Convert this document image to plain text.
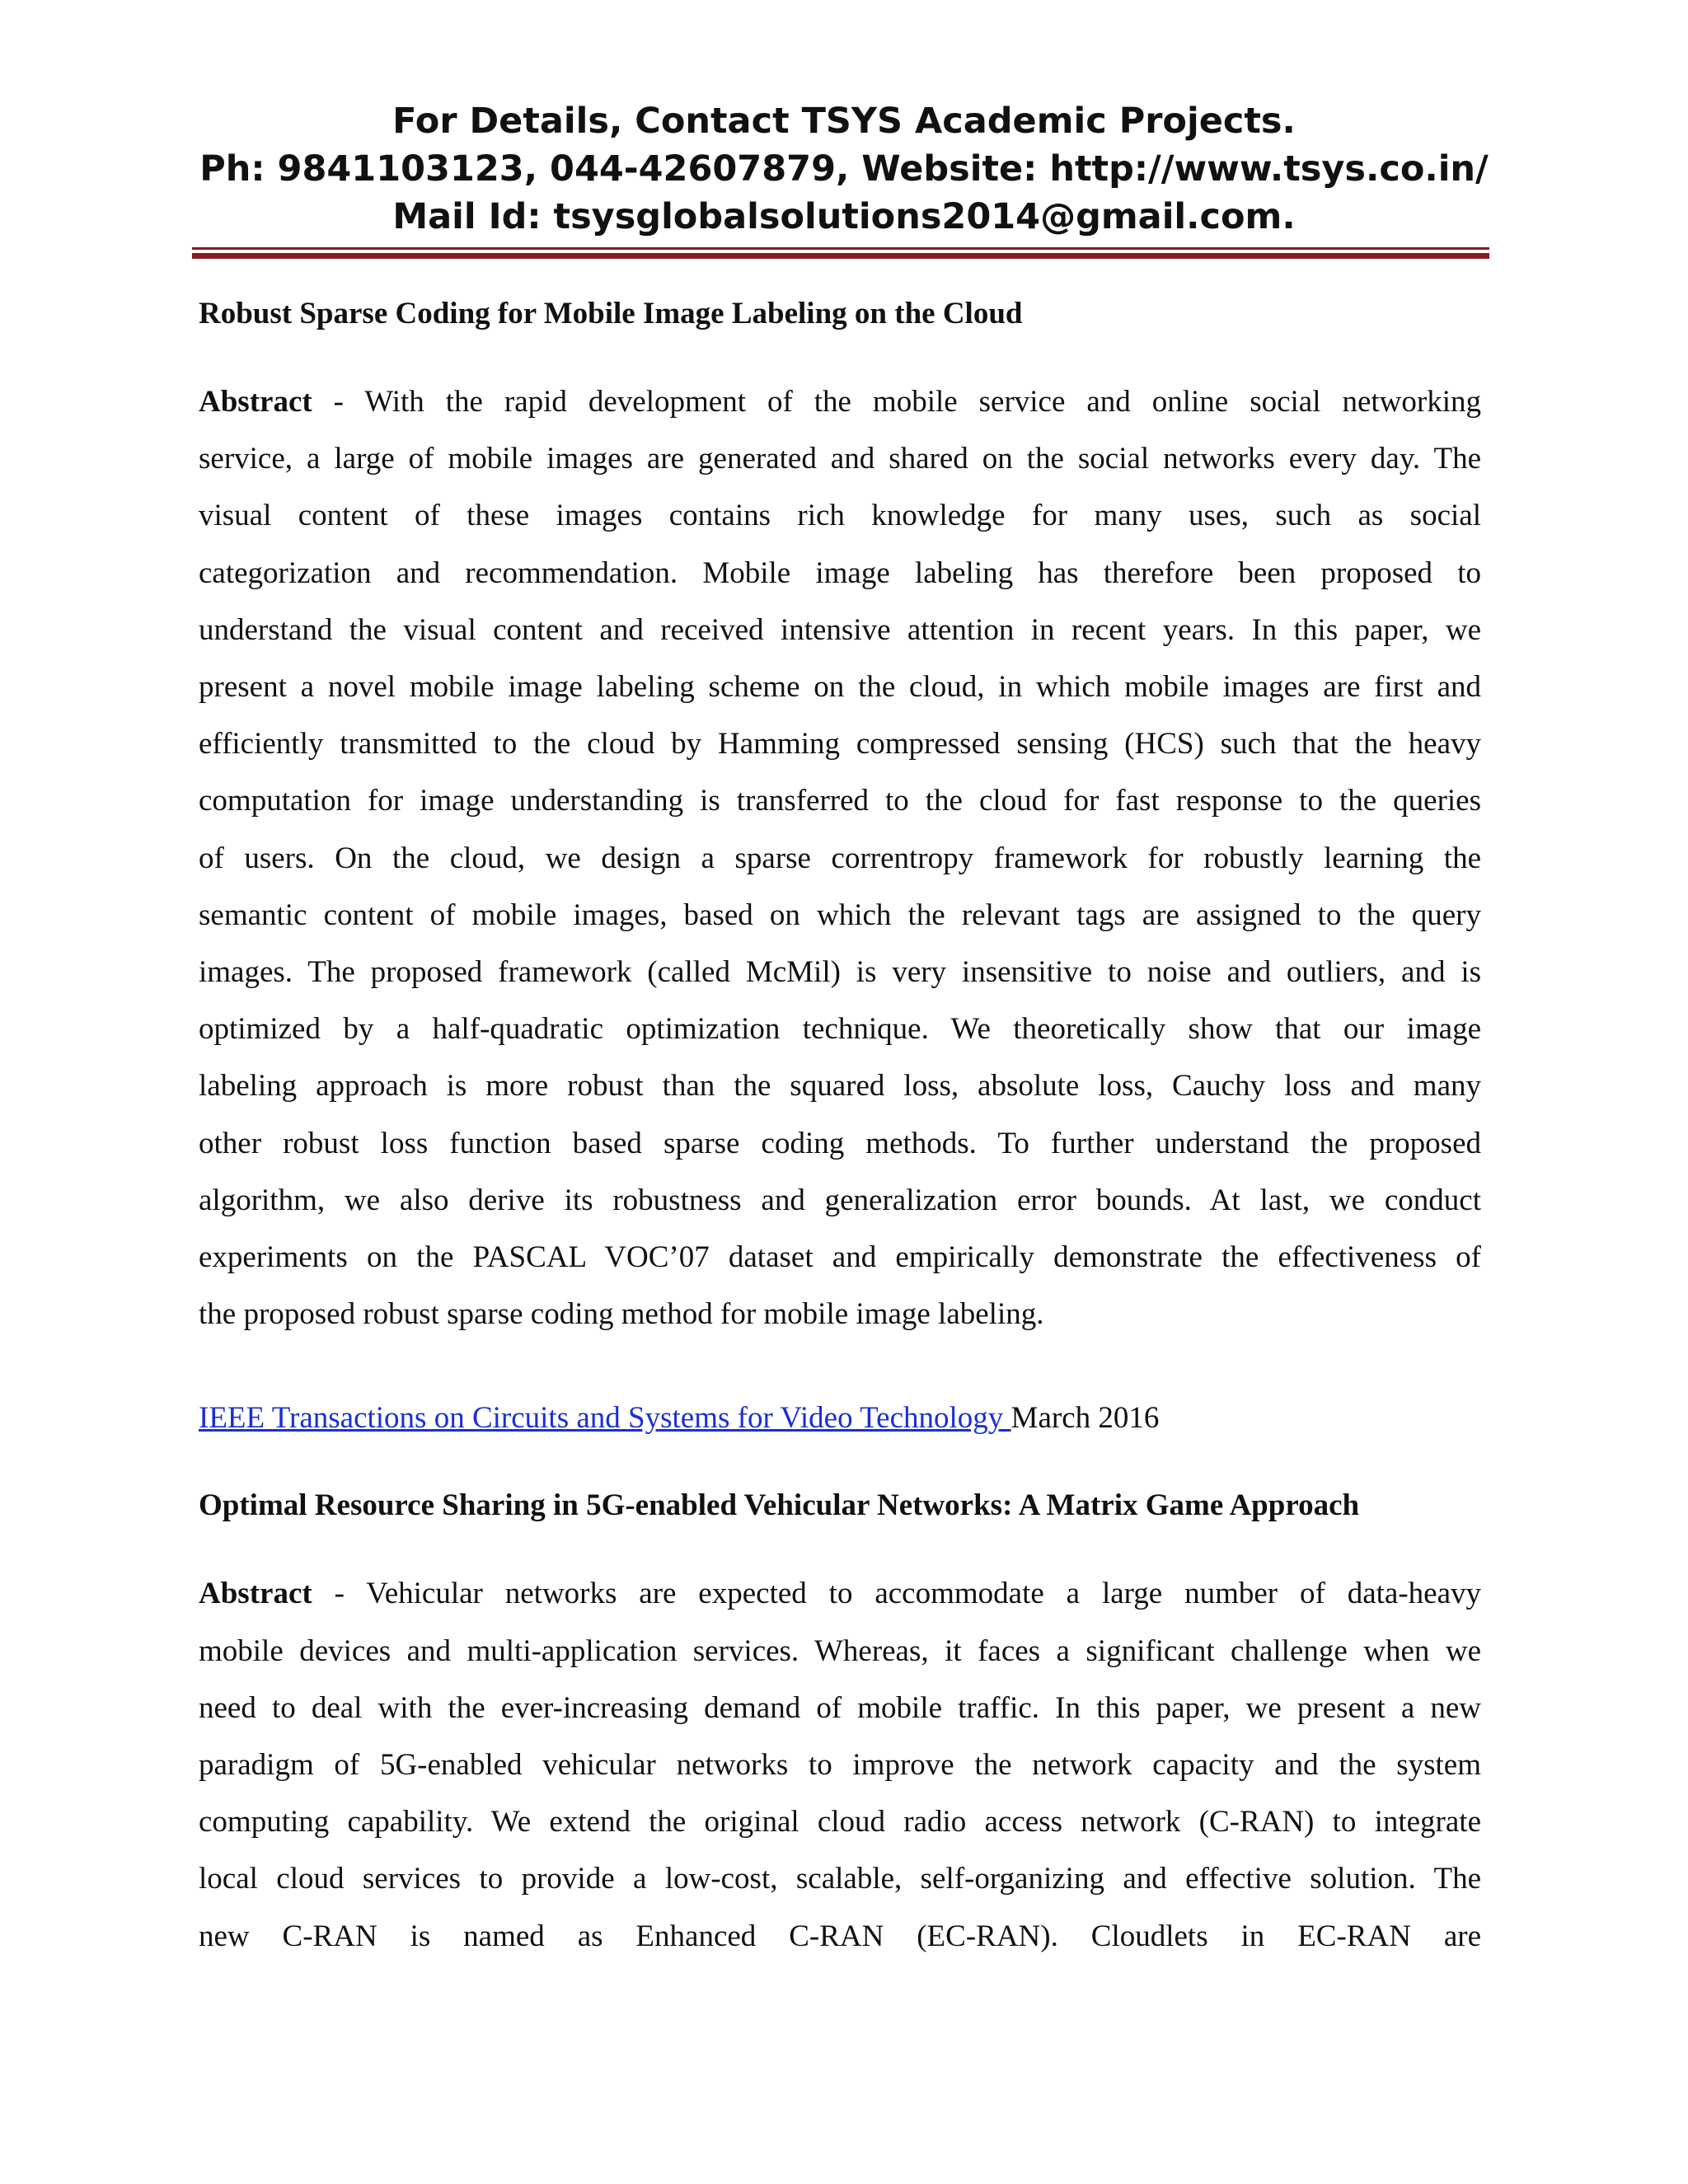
For Details, Contact TSYS Academic Projects.
Ph: 9841103123, 044-42607879, Website: http://www.tsys.co.in/
Mail Id: tsysglobalsolutions2014@gmail.com.
Robust Sparse Coding for Mobile Image Labeling on the Cloud
Abstract - With the rapid development of the mobile service and online social networking
service, a large of mobile images are generated and shared on the social networks every day. The
visual content of these images contains rich knowledge for many uses, such as social
categorization and recommendation. Mobile image labeling has therefore been proposed to
understand the visual content and received intensive attention in recent years. In this paper, we
present a novel mobile image labeling scheme on the cloud, in which mobile images are first and
efficiently transmitted to the cloud by Hamming compressed sensing (HCS) such that the heavy
computation for image understanding is transferred to the cloud for fast response to the queries
of users. On the cloud, we design a sparse correntropy framework for robustly learning the
semantic content of mobile images, based on which the relevant tags are assigned to the query
images. The proposed framework (called McMil) is very insensitive to noise and outliers, and is
optimized by a half-quadratic optimization technique. We theoretically show that our image
labeling approach is more robust than the squared loss, absolute loss, Cauchy loss and many
other robust loss function based sparse coding methods. To further understand the proposed
algorithm, we also derive its robustness and generalization error bounds. At last, we conduct
experiments on the PASCAL VOC’07 dataset and empirically demonstrate the effectiveness of
the proposed robust sparse coding method for mobile image labeling.
IEEE Transactions on Circuits and Systems for Video Technology March 2016
Optimal Resource Sharing in 5G-enabled Vehicular Networks: A Matrix Game Approach
Abstract - Vehicular networks are expected to accommodate a large number of data-heavy
mobile devices and multi-application services. Whereas, it faces a significant challenge when we
need to deal with the ever-increasing demand of mobile traffic. In this paper, we present a new
paradigm of 5G-enabled vehicular networks to improve the network capacity and the system
computing capability. We extend the original cloud radio access network (C-RAN) to integrate
local cloud services to provide a low-cost, scalable, self-organizing and effective solution. The
new C-RAN is named as Enhanced C-RAN (EC-RAN). Cloudlets in EC-RAN are
